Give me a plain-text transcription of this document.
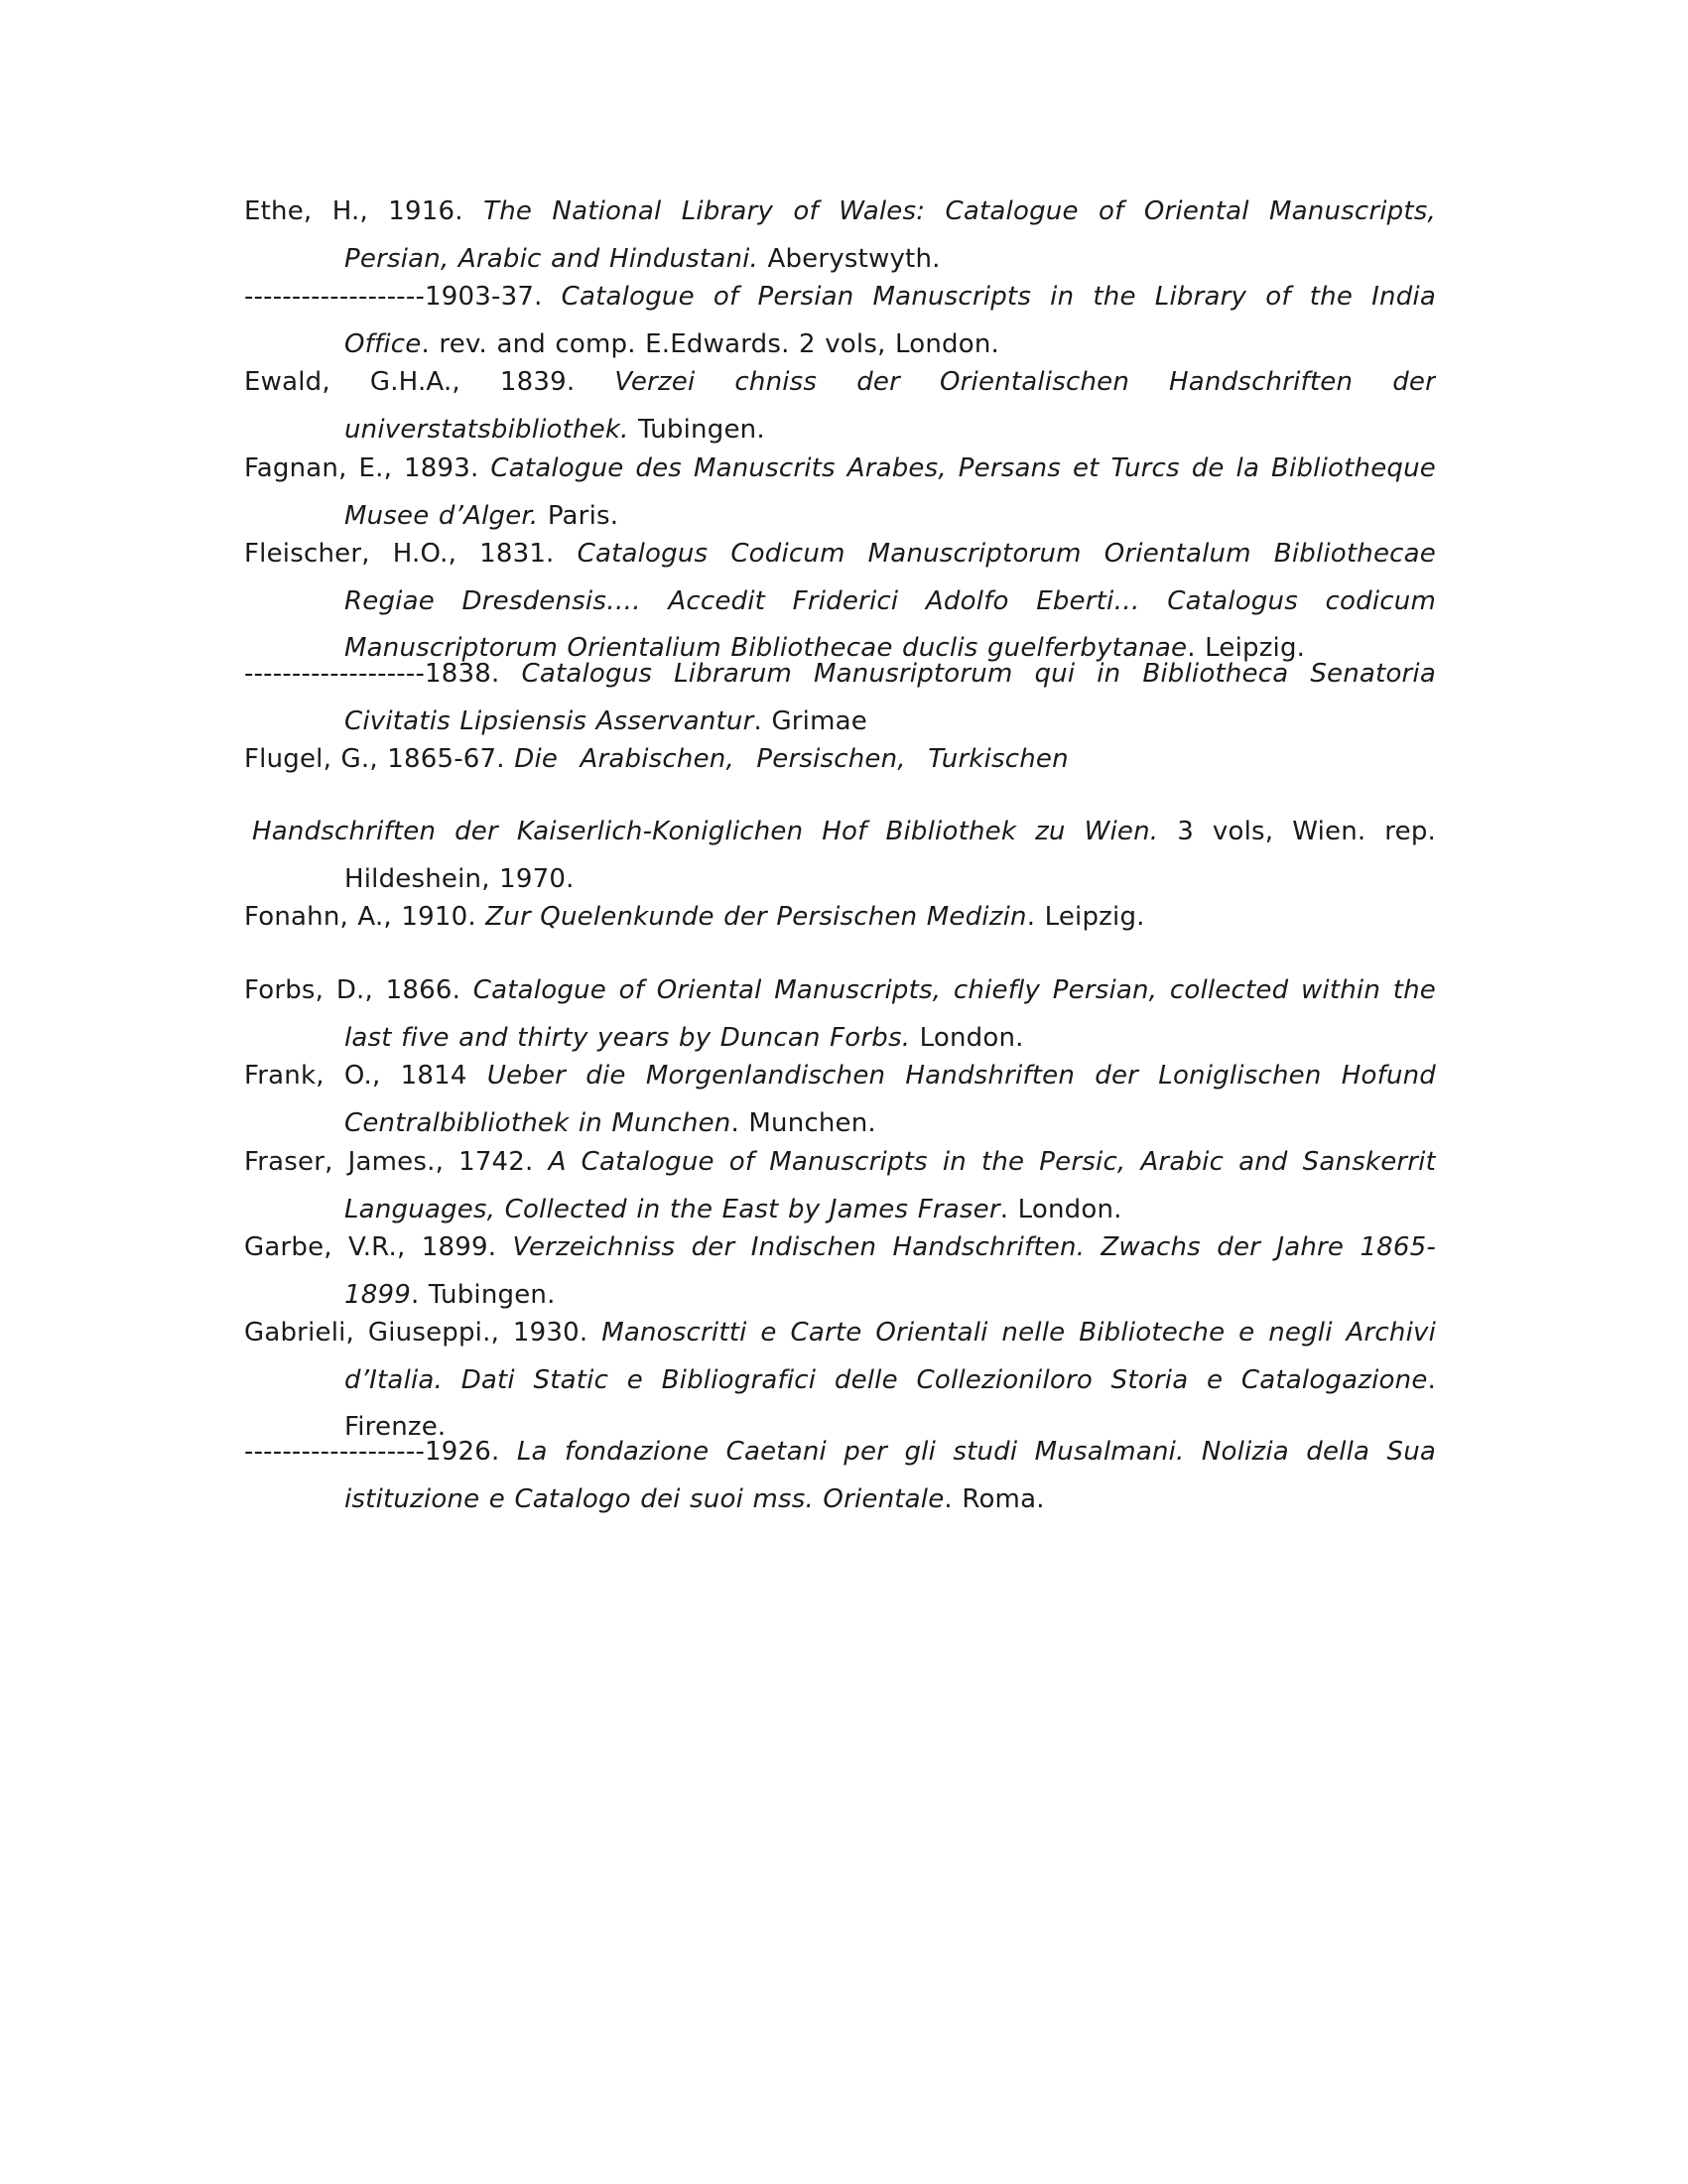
Ethe, H., 1916. The National Library of Wales: Catalogue of Oriental Manuscripts,
Persian, Arabic and Hindustani. Aberystwyth.
-------------------1903-37. Catalogue of Persian Manuscripts in the Library of the India
Office. rev. and comp. E.Edwards. 2 vols, London.
Ewald, G.H.A., 1839. Verzei chniss der Orientalischen Handschriften der
universtatsbibliothek. Tubingen.
Fagnan, E., 1893. Catalogue des Manuscrits Arabes, Persans et Turcs de la Bibliotheque
Musee d’Alger. Paris.
Fleischer, H.O., 1831. Catalogus Codicum Manuscriptorum Orientalum Bibliothecae
Regiae Dresdensis…. Accedit Friderici Adolfo Eberti… Catalogus codicum
Manuscriptorum Orientalium Bibliothecae duclis guelferbytanae. Leipzig.
-------------------1838. Catalogus Librarum Manusriptorum qui in Bibliotheca Senatoria
Civitatis Lipsiensis Asservantur. Grimae
Flugel, G., 1865-67. Die Arabischen, Persischen, Turkischen
Handschriften der Kaiserlich-Koniglichen Hof Bibliothek zu Wien. 3 vols, Wien. rep.
Hildeshein, 1970.
Fonahn, A., 1910. Zur Quelenkunde der Persischen Medizin. Leipzig.
Forbs, D., 1866. Catalogue of Oriental Manuscripts, chiefly Persian, collected within the
last five and thirty years by Duncan Forbs. London.
Frank, O., 1814 Ueber die Morgenlandischen Handshriften der Loniglischen Hofund
Centralbibliothek in Munchen. Munchen.
Fraser, James., 1742. A Catalogue of Manuscripts in the Persic, Arabic and Sanskerrit
Languages, Collected in the East by James Fraser. London.
Garbe, V.R., 1899. Verzeichniss der Indischen Handschriften. Zwachs der Jahre 1865-
1899. Tubingen.
Gabrieli, Giuseppi., 1930. Manoscritti e Carte Orientali nelle Biblioteche e negli Archivi
d’Italia. Dati Static e Bibliografici delle Collezioniloro Storia e Catalogazione.
Firenze.
-------------------1926. La fondazione Caetani per gli studi Musalmani. Nolizia della Sua
istituzione e Catalogo dei suoi mss. Orientale. Roma.
